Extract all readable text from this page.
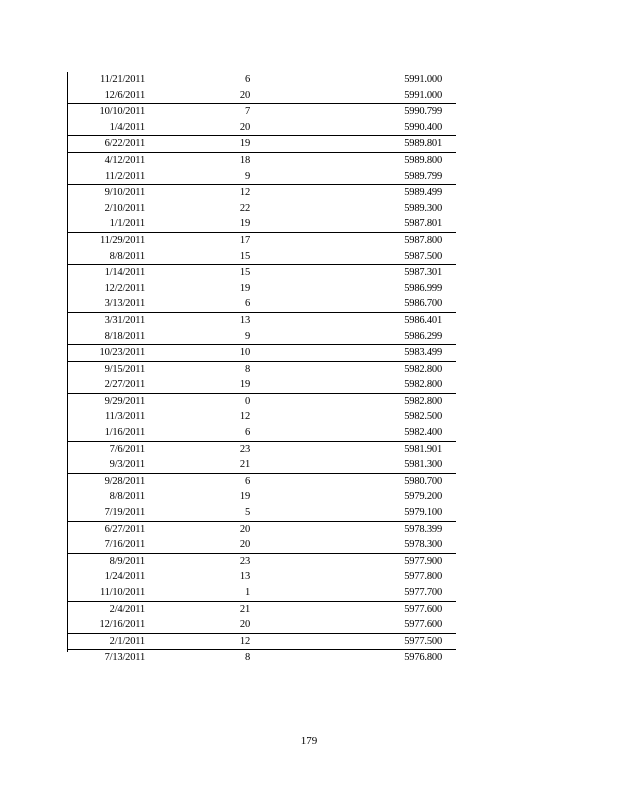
11/21/2011	6	5991.000	
12/6/2011	20	5991.000	
10/10/2011	7	5990.799	
1/4/2011	20	5990.400	
6/22/2011	19	5989.801	
4/12/2011	18	5989.800	
11/2/2011	9	5989.799	
9/10/2011	12	5989.499	
2/10/2011	22	5989.300	
1/1/2011	19	5987.801	
11/29/2011	17	5987.800	
8/8/2011	15	5987.500	
1/14/2011	15	5987.301	
12/2/2011	19	5986.999	
3/13/2011	6	5986.700	
3/31/2011	13	5986.401	
8/18/2011	9	5986.299	
10/23/2011	10	5983.499	
9/15/2011	8	5982.800	
2/27/2011	19	5982.800	
9/29/2011	0	5982.800	
11/3/2011	12	5982.500	
1/16/2011	6	5982.400	
7/6/2011	23	5981.901	
9/3/2011	21	5981.300	
9/28/2011	6	5980.700	
8/8/2011	19	5979.200	
7/19/2011	5	5979.100	
6/27/2011	20	5978.399	
7/16/2011	20	5978.300	
8/9/2011	23	5977.900	
1/24/2011	13	5977.800	
11/10/2011	1	5977.700	
2/4/2011	21	5977.600	
12/16/2011	20	5977.600	
2/1/2011	12	5977.500	
7/13/2011	8	5976.800	
179
